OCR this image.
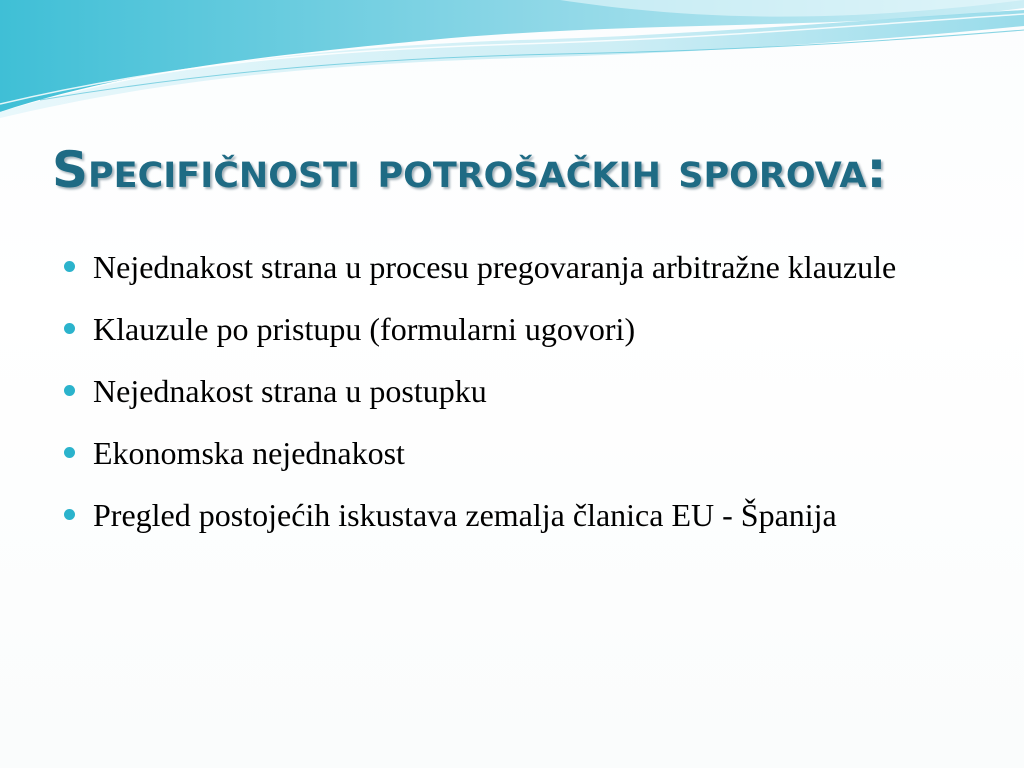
Specifičnosti potrošačkih sporova:
Nejednakost strana u procesu pregovaranja arbitražne klauzule
Klauzule po pristupu (formularni ugovori)
Nejednakost strana u postupku
Ekonomska nejednakost
Pregled postojećih iskustava zemalja članica EU - Španija
